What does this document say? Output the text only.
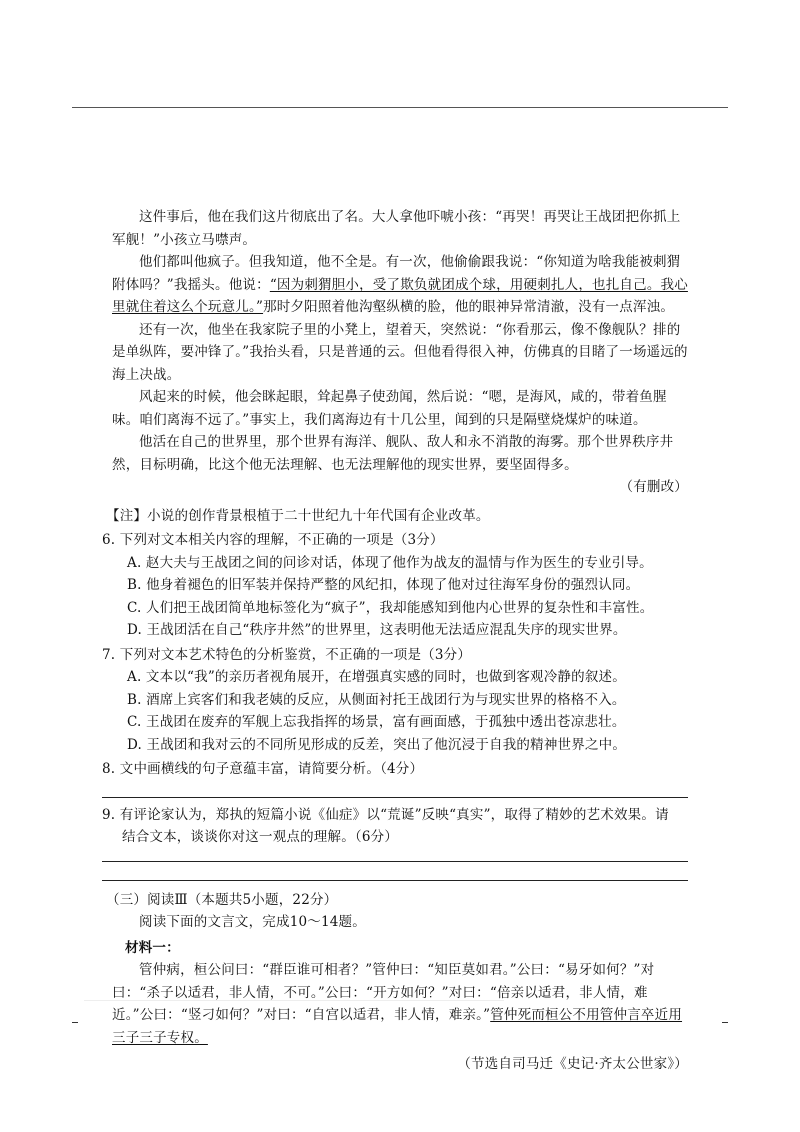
这件事后，他在我们这片彻底出了名。大人拿他吓唬小孩：“再哭！再哭让王战团把你抓上军舰！”小孩立马噤声。

他们都叫他疯子。但我知道，他不全是。有一次，他偷偷跟我说：“你知道为啥我能被刺猬附体吗？”我摇头。他说：“因为刺猬胆小，受了欺负就团成个球，用硬刺扎人，也扎自己。我心里就住着这么个玩意儿。”那时夕阳照着他沟壑纵横的脸，他的眼神异常清澈，没有一点浑浊。

还有一次，他坐在我家院子里的小凳上，望着天，突然说：“你看那云，像不像舰队？排的是单纵阵，要冲锋了。”我抬头看，只是普通的云。但他看得很入神，仿佛真的目睹了一场遥远的海上决战。

风起来的时候，他会眯起眼，耸起鼻子使劲闻，然后说：“嗯，是海风，咸的，带着鱼腥味。咱们离海不远了。”事实上，我们离海边有十几公里，闻到的只是隔壁烧煤炉的味道。

他活在自己的世界里，那个世界有海洋、舰队、敌人和永不消散的海雾。那个世界秩序井然，目标明确，比这个他无法理解、也无法理解他的现实世界，要坚固得多。

（有删改）

【注】小说的创作背景根植于二十世纪九十年代国有企业改革。

6. 下列对文本相关内容的理解，不正确的一项是（3分）

A. 赵大夫与王战团之间的问诊对话，体现了他作为战友的温情与作为医生的专业引导。

B. 他身着褪色的旧军装并保持严整的风纪扣，体现了他对过往海军身份的强烈认同。

C. 人们把王战团简单地标签化为“疯子”，我却能感知到他内心世界的复杂性和丰富性。

D. 王战团活在自己“秩序井然”的世界里，这表明他无法适应混乱失序的现实世界。

7. 下列对文本艺术特色的分析鉴赏，不正确的一项是（3分）

A. 文本以“我”的亲历者视角展开，在增强真实感的同时，也做到客观冷静的叙述。

B. 酒席上宾客们和我老姨的反应，从侧面衬托王战团行为与现实世界的格格不入。

C. 王战团在废弃的军舰上忘我指挥的场景，富有画面感，于孤独中透出苍凉悲壮。

D. 王战团和我对云的不同所见形成的反差，突出了他沉浸于自我的精神世界之中。

8. 文中画横线的句子意蕴丰富，请简要分析。（4分）

9. 有评论家认为，郑执的短篇小说《仙症》以“荒诞”反映“真实”，取得了精妙的艺术效果。请

结合文本，谈谈你对这一观点的理解。（6分）

（三）阅读Ⅲ（本题共5小题，22分）

阅读下面的文言文，完成10～14题。

材料一：

管仲病，桓公问曰：“群臣谁可相者？”管仲曰：“知臣莫如君。”公曰：“易牙如何？”对曰：“杀子以适君，非人情，不可。”公曰：“开方如何？”对曰：“倍亲以适君，非人情，难近。”公曰：“竖刁如何？”对曰：“自宫以适君，非人情，难亲。”管仲死而桓公不用管仲言卒近用三子三子专权。

（节选自司马迁《史记·齐太公世家》）
